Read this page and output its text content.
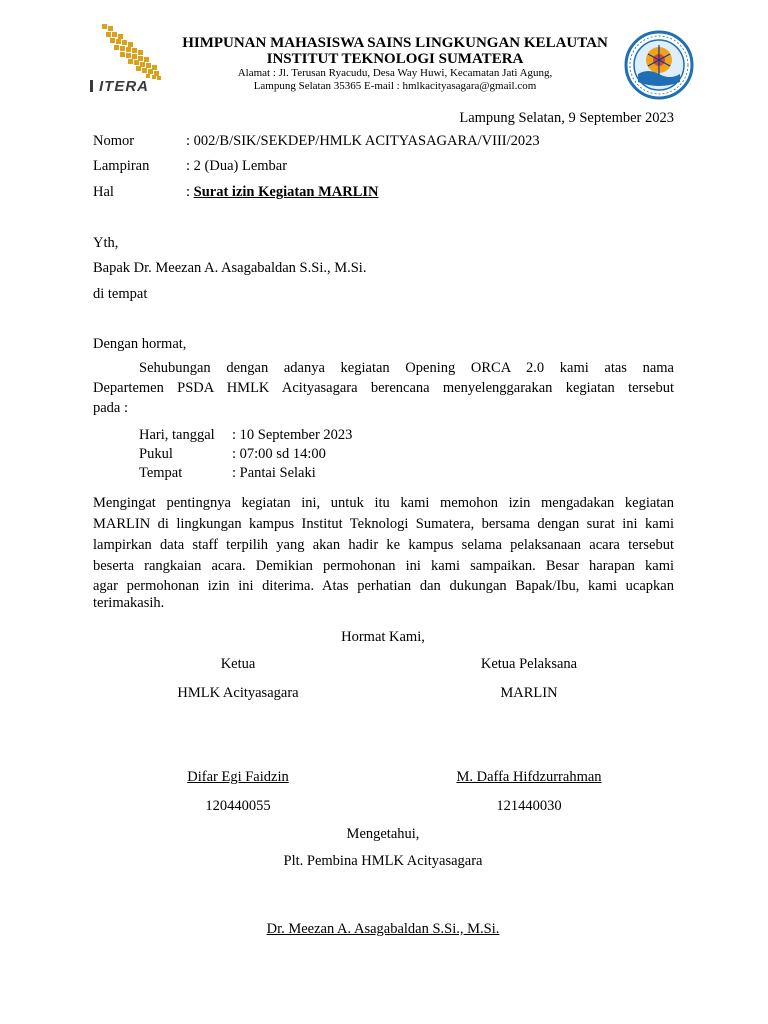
ITERA
HIMPUNAN MAHASISWA SAINS LINGKUNGAN KELAUTAN
INSTITUT TEKNOLOGI SUMATERA
Alamat : Jl. Terusan Ryacudu, Desa Way Huwi, Kecamatan Jati Agung,
Lampung Selatan 35365 E-mail : hmlkacityasagara@gmail.com
Lampung Selatan, 9 September 2023
Nomor	: 002/B/SIK/SEKDEP/HMLK ACITYASAGARA/VIII/2023
Lampiran	: 2 (Dua) Lembar
Hal	: Surat izin Kegiatan MARLIN
Yth,
Bapak Dr. Meezan A. Asagabaldan S.Si., M.Si.
di tempat
Dengan hormat,
Sehubungan dengan adanya kegiatan Opening ORCA 2.0 kami atas nama
Departemen PSDA HMLK Acityasagara berencana menyelenggarakan kegiatan tersebut
pada :
Hari, tanggal : 10 September 2023
Pukul	: 07:00 sd 14:00
Tempat	: Pantai Selaki
Mengingat pentingnya kegiatan ini, untuk itu kami memohon izin mengadakan kegiatan
MARLIN di lingkungan kampus Institut Teknologi Sumatera, bersama dengan surat ini kami
lampirkan data staff terpilih yang akan hadir ke kampus selama pelaksanaan acara tersebut
beserta rangkaian acara. Demikian permohonan ini kami sampaikan. Besar harapan kami
agar permohonan izin ini diterima. Atas perhatian dan dukungan Bapak/Ibu, kami ucapkan
terimakasih.
Hormat Kami,
Ketua	Ketua Pelaksana
HMLK Acityasagara	MARLIN
Difar Egi Faidzin	M. Daffa Hifdzurrahman
120440055	121440030
Mengetahui,
Plt. Pembina HMLK Acityasagara
Dr. Meezan A. Asagabaldan S.Si., M.Si.
